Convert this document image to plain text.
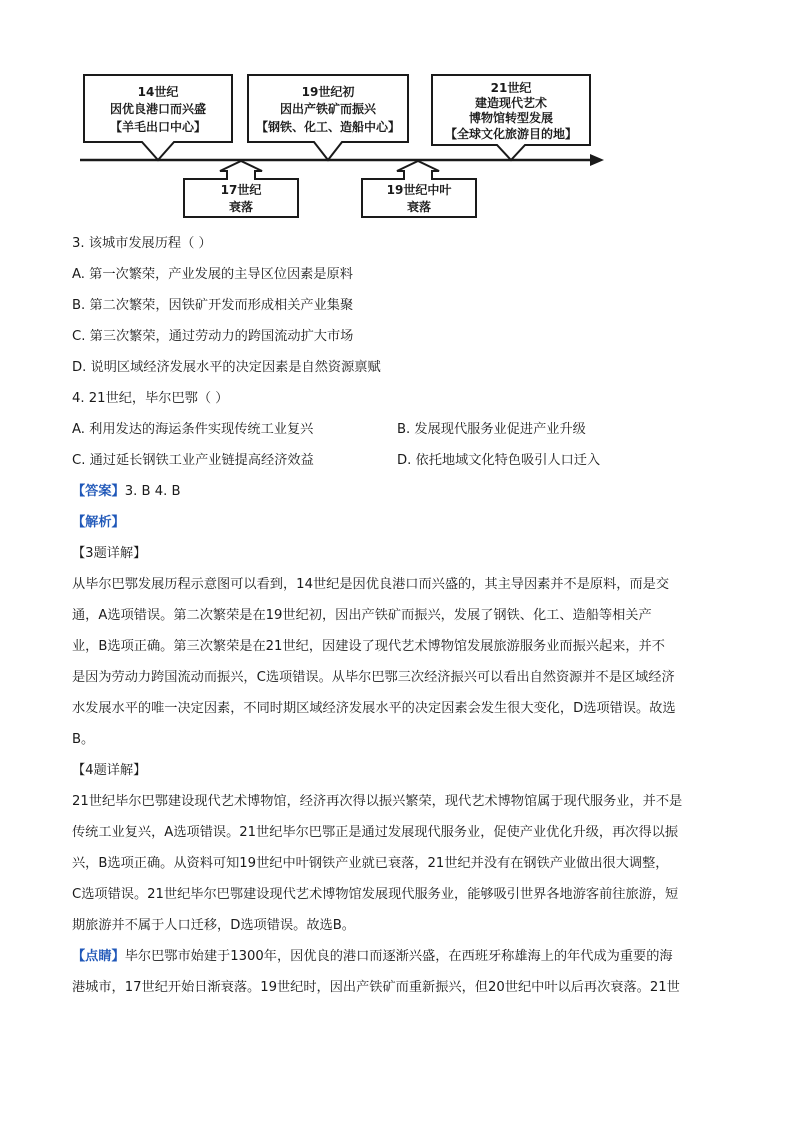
14世纪
因优良港口而兴盛
【羊毛出口中心】
19世纪初
因出产铁矿而振兴
【钢铁、化工、造船中心】
21世纪
建造现代艺术
博物馆转型发展
【全球文化旅游目的地】
17世纪
衰落
19世纪中叶
衰落
3. 该城市发展历程（ ）
A. 第一次繁荣，产业发展的主导区位因素是原料
B. 第二次繁荣，因铁矿开发而形成相关产业集聚
C. 第三次繁荣，通过劳动力的跨国流动扩大市场
D. 说明区域经济发展水平的决定因素是自然资源禀赋
4. 21世纪，毕尔巴鄂（ ）
A. 利用发达的海运条件实现传统工业复兴	B. 发展现代服务业促进产业升级
C. 通过延长钢铁工业产业链提高经济效益	D. 依托地域文化特色吸引人口迁入
【答案】3. B 4. B
【解析】
【3题详解】
从毕尔巴鄂发展历程示意图可以看到，14世纪是因优良港口而兴盛的，其主导因素并不是原料，而是交
通，A选项错误。第二次繁荣是在19世纪初，因出产铁矿而振兴，发展了钢铁、化工、造船等相关产
业，B选项正确。第三次繁荣是在21世纪，因建设了现代艺术博物馆发展旅游服务业而振兴起来，并不
是因为劳动力跨国流动而振兴，C选项错误。从毕尔巴鄂三次经济振兴可以看出自然资源并不是区域经济
水发展水平的唯一决定因素，不同时期区域经济发展水平的决定因素会发生很大变化，D选项错误。故选
B。
【4题详解】
21世纪毕尔巴鄂建设现代艺术博物馆，经济再次得以振兴繁荣，现代艺术博物馆属于现代服务业，并不是
传统工业复兴，A选项错误。21世纪毕尔巴鄂正是通过发展现代服务业，促使产业优化升级，再次得以振
兴，B选项正确。从资料可知19世纪中叶钢铁产业就已衰落，21世纪并没有在钢铁产业做出很大调整，
C选项错误。21世纪毕尔巴鄂建设现代艺术博物馆发展现代服务业，能够吸引世界各地游客前往旅游，短
期旅游并不属于人口迁移，D选项错误。故选B。
【点睛】毕尔巴鄂市始建于1300年，因优良的港口而逐渐兴盛，在西班牙称雄海上的年代成为重要的海
港城市，17世纪开始日渐衰落。19世纪时，因出产铁矿而重新振兴，但20世纪中叶以后再次衰落。21世
